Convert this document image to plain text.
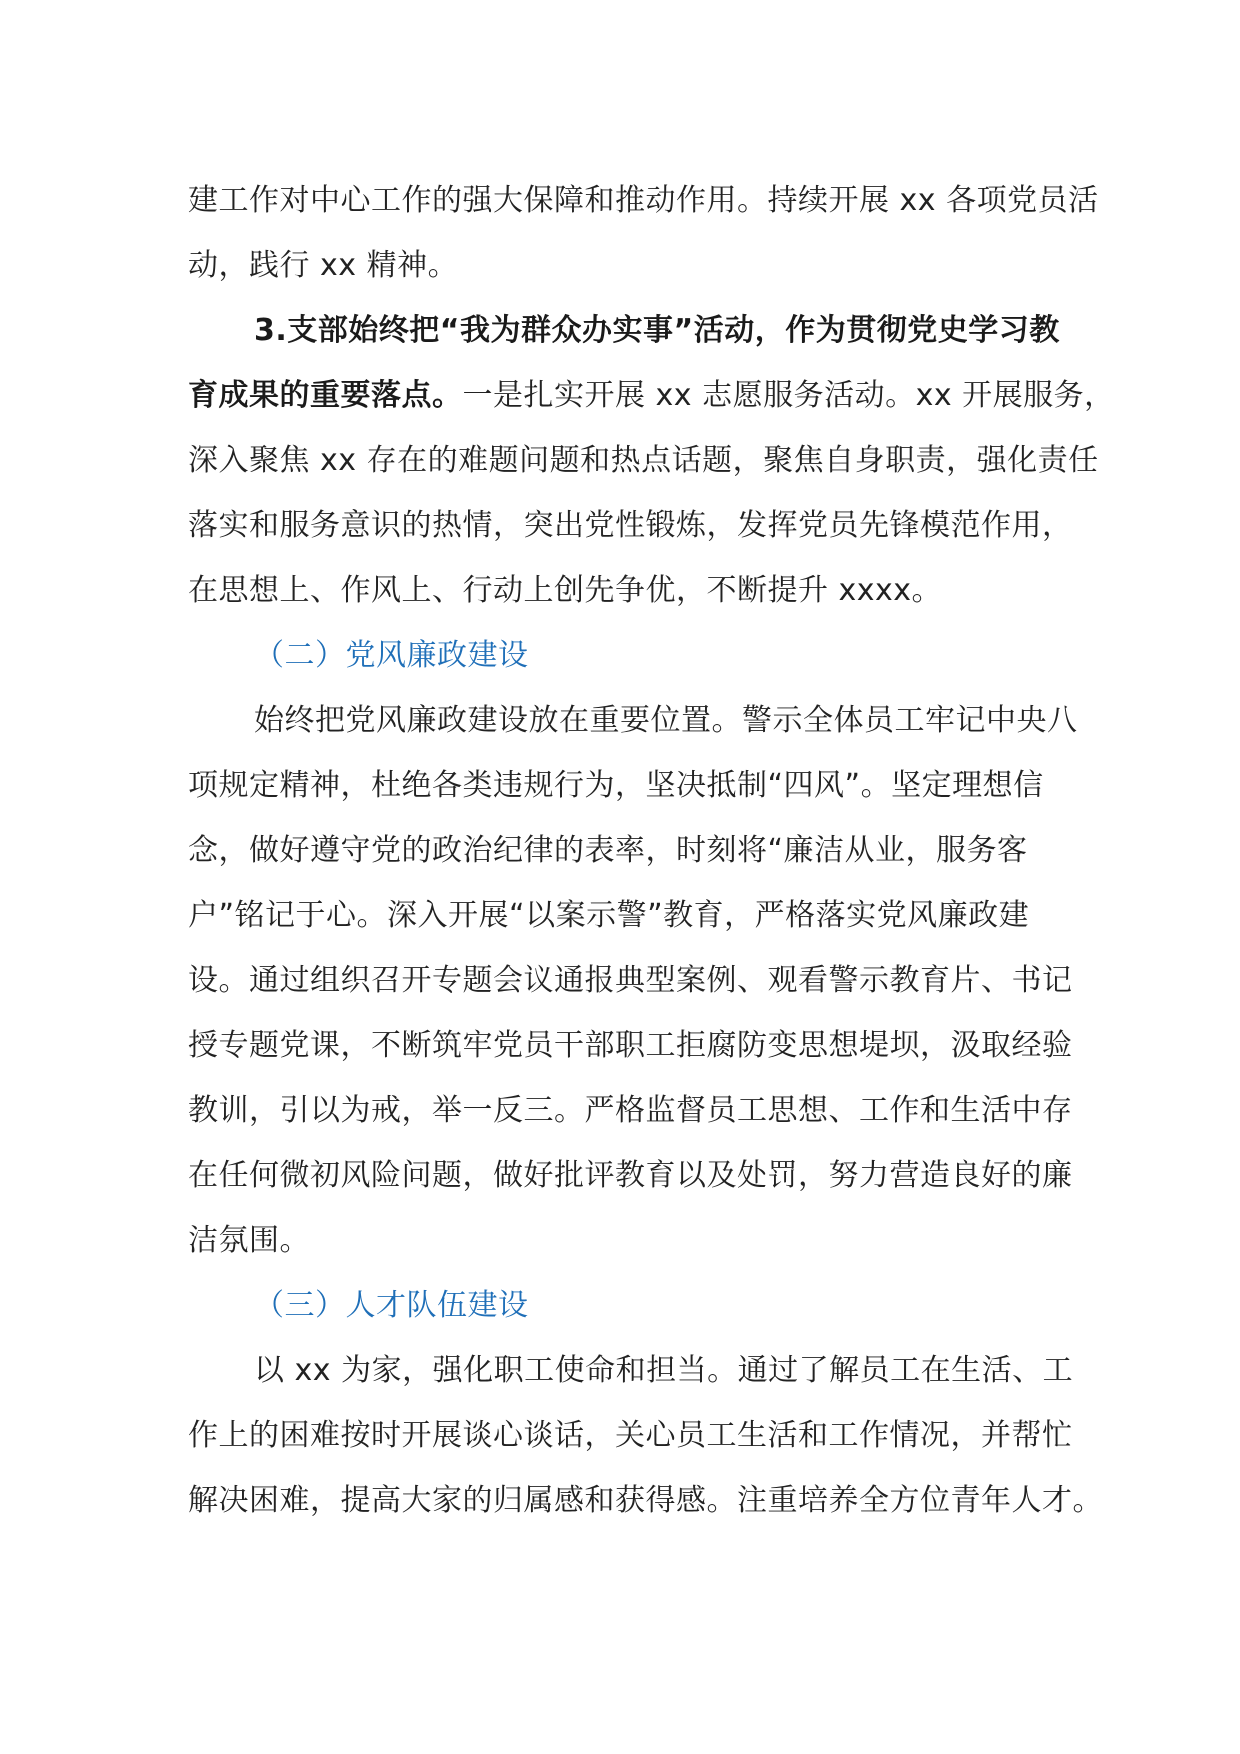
建工作对中心工作的强大保障和推动作用。持续开展 xx 各项党员活
动，践行 xx 精神。
3.支部始终把“我为群众办实事”活动，作为贯彻党史学习教
育成果的重要落点。一是扎实开展 xx 志愿服务活动。xx 开展服务，
深入聚焦 xx 存在的难题问题和热点话题，聚焦自身职责，强化责任
落实和服务意识的热情，突出党性锻炼，发挥党员先锋模范作用，
在思想上、作风上、行动上创先争优，不断提升 xxxx。
（二）党风廉政建设
始终把党风廉政建设放在重要位置。警示全体员工牢记中央八
项规定精神，杜绝各类违规行为，坚决抵制“四风”。坚定理想信
念，做好遵守党的政治纪律的表率，时刻将“廉洁从业，服务客
户”铭记于心。深入开展“以案示警”教育，严格落实党风廉政建
设。通过组织召开专题会议通报典型案例、观看警示教育片、书记
授专题党课，不断筑牢党员干部职工拒腐防变思想堤坝，汲取经验
教训，引以为戒，举一反三。严格监督员工思想、工作和生活中存
在任何微初风险问题，做好批评教育以及处罚，努力营造良好的廉
洁氛围。
（三）人才队伍建设
以 xx 为家，强化职工使命和担当。通过了解员工在生活、工
作上的困难按时开展谈心谈话，关心员工生活和工作情况，并帮忙
解决困难，提高大家的归属感和获得感。注重培养全方位青年人才。
